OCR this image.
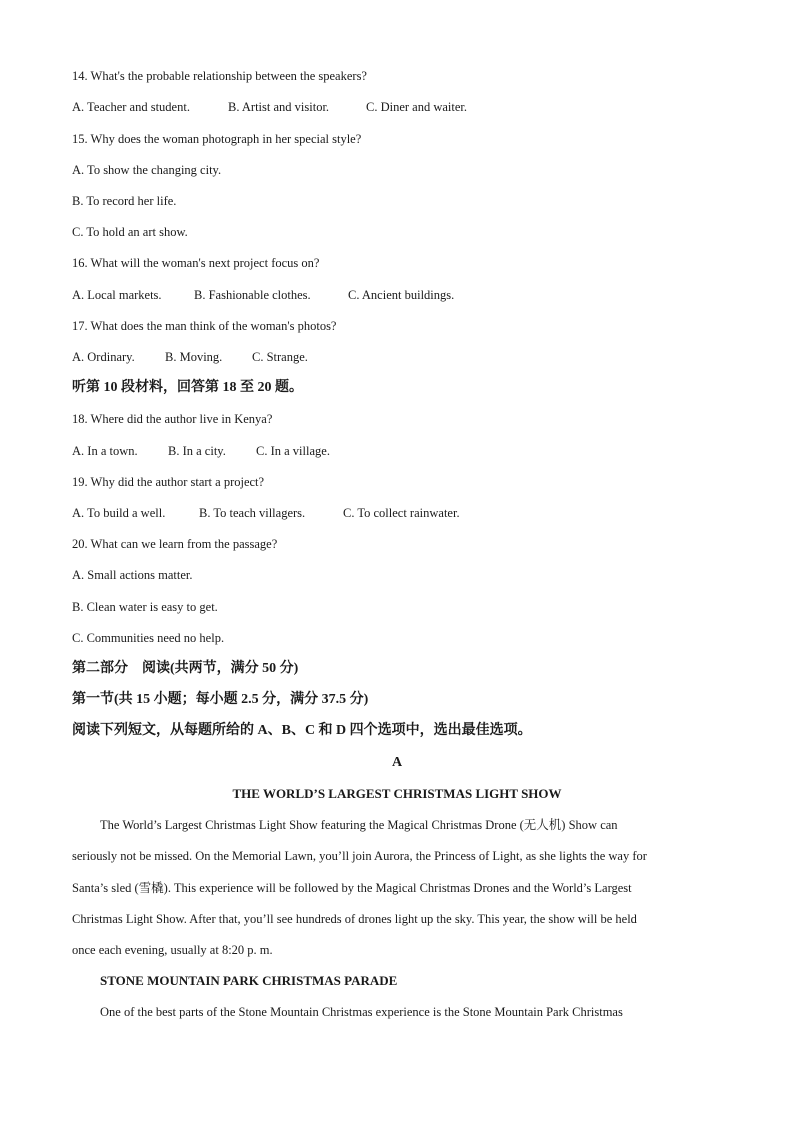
14. What's the probable relationship between the speakers?
A. Teacher and student.	B. Artist and visitor.	C. Diner and waiter.
15. Why does the woman photograph in her special style?
A. To show the changing city.
B. To record her life.
C. To hold an art show.
16. What will the woman's next project focus on?
A. Local markets.	B. Fashionable clothes.	C. Ancient buildings.
17. What does the man think of the woman's photos?
A. Ordinary. B. Moving. C. Strange.
听第 10 段材料，回答第 18 至 20 题。
18. Where did the author live in Kenya?
A. In a town. B. In a city. C. In a village.
19. Why did the author start a project?
A. To build a well.	B. To teach villagers.	C. To collect rainwater.
20. What can we learn from the passage?
A. Small actions matter.
B. Clean water is easy to get.
C. Communities need no help.
第二部分　阅读(共两节，满分 50 分)
第一节(共 15 小题；每小题 2.5 分，满分 37.5 分)
阅读下列短文，从每题所给的 A、B、C 和 D 四个选项中，选出最佳选项。
A
THE WORLD’S LARGEST CHRISTMAS LIGHT SHOW
The World’s Largest Christmas Light Show featuring the Magical Christmas Drone (无人机) Show can
seriously not be missed. On the Memorial Lawn, you’ll join Aurora, the Princess of Light, as she lights the way for
Santa’s sled (雪橇). This experience will be followed by the Magical Christmas Drones and the World’s Largest
Christmas Light Show. After that, you’ll see hundreds of drones light up the sky. This year, the show will be held
once each evening, usually at 8:20 p. m.
STONE MOUNTAIN PARK CHRISTMAS PARADE
One of the best parts of the Stone Mountain Christmas experience is the Stone Mountain Park Christmas
